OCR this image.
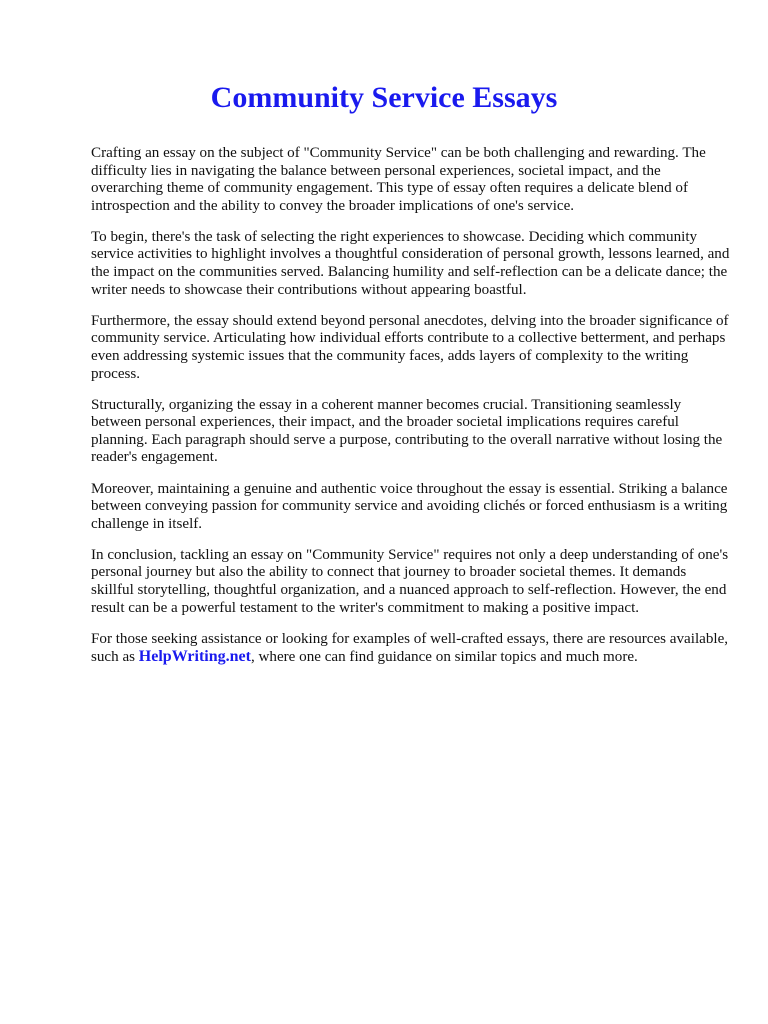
Community Service Essays

Crafting an essay on the subject of "Community Service" can be both challenging and rewarding. The difficulty lies in navigating the balance between personal experiences, societal impact, and the overarching theme of community engagement. This type of essay often requires a delicate blend of introspection and the ability to convey the broader implications of one's service.

To begin, there's the task of selecting the right experiences to showcase. Deciding which community service activities to highlight involves a thoughtful consideration of personal growth, lessons learned, and the impact on the communities served. Balancing humility and self-reflection can be a delicate dance; the writer needs to showcase their contributions without appearing boastful.

Furthermore, the essay should extend beyond personal anecdotes, delving into the broader significance of community service. Articulating how individual efforts contribute to a collective betterment, and perhaps even addressing systemic issues that the community faces, adds layers of complexity to the writing process.

Structurally, organizing the essay in a coherent manner becomes crucial. Transitioning seamlessly between personal experiences, their impact, and the broader societal implications requires careful planning. Each paragraph should serve a purpose, contributing to the overall narrative without losing the reader's engagement.

Moreover, maintaining a genuine and authentic voice throughout the essay is essential. Striking a balance between conveying passion for community service and avoiding clichés or forced enthusiasm is a writing challenge in itself.

In conclusion, tackling an essay on "Community Service" requires not only a deep understanding of one's personal journey but also the ability to connect that journey to broader societal themes. It demands skillful storytelling, thoughtful organization, and a nuanced approach to self-reflection. However, the end result can be a powerful testament to the writer's commitment to making a positive impact.

For those seeking assistance or looking for examples of well-crafted essays, there are resources available, such as HelpWriting.net, where one can find guidance on similar topics and much more.
